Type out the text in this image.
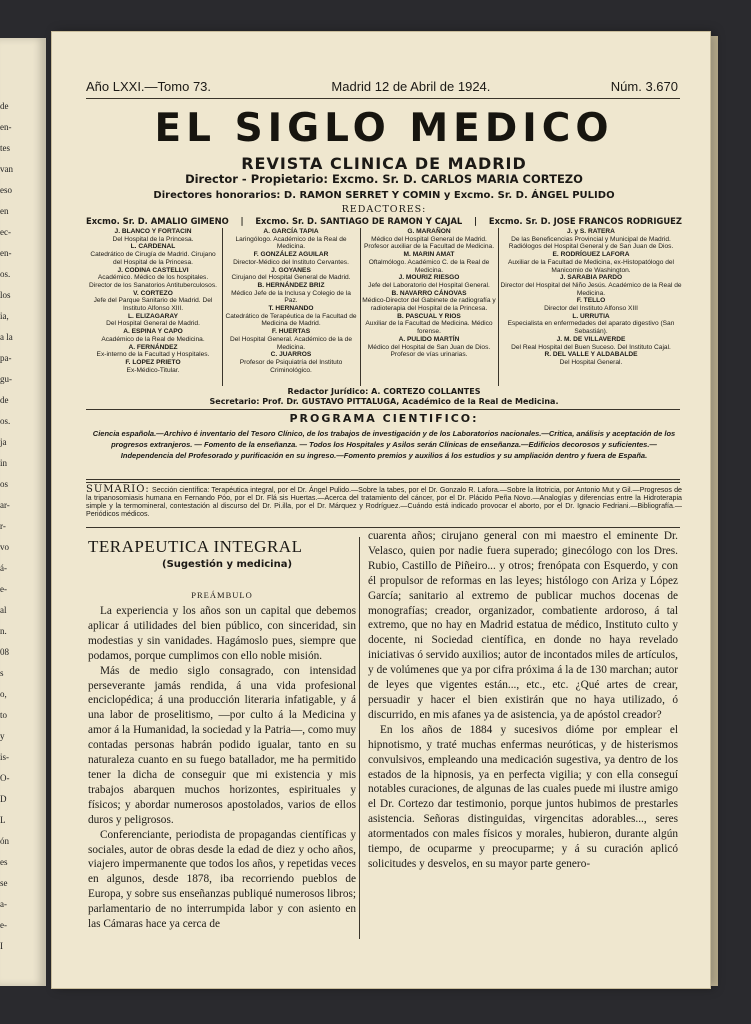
de
en-
tes
van
eso
en
ec-
en-
os.
los
ia,
a la
pa-
gu-
de
os.
ja
in
os
ar-
r-
vo
á-
e-
al
n.
08
s
o,
to
y
is-
O-
D
L
ón
es
se
a-
e-
I
Año LXXI.—Tomo 73.	Madrid 12 de Abril de 1924.	Núm. 3.670
EL SIGLO MEDICO
REVISTA CLINICA DE MADRID
Director - Propietario: Excmo. Sr. D. CARLOS MARIA CORTEZO
Directores honorarios: D. RAMON SERRET Y COMIN y Excmo. Sr. D. ÁNGEL PULIDO
REDACTORES:
Excmo. Sr. D. AMALIO GIMENO | Excmo. Sr. D. SANTIAGO DE RAMON Y CAJAL | Excmo. Sr. D. JOSE FRANCOS RODRIGUEZ
J. BLANCO Y FORTACIN
Del Hospital de la Princesa.
L. CARDENAL
Catedrático de Cirugía de Madrid. Cirujano del Hospital de la Princesa.
J. CODINA CASTELLVI
Académico. Médico de los hospitales. Director de los Sanatorios Antituberculosos.
V. CORTEZO
Jefe del Parque Sanitario de Madrid. Del Instituto Alfonso XIII.
L. ELIZAGARAY
Del Hospital General de Madrid.
A. ESPINA Y CAPO
Académico de la Real de Medicina.
A. FERNÁNDEZ
Ex-interno de la Facultad y Hospitales.
F. LOPEZ PRIETO
Ex-Médico-Titular.
A. GARCÍA TAPIA
Laringólogo. Académico de la Real de Medicina.
F. GONZÁLEZ AGUILAR
Director-Médico del Instituto Cervantes.
J. GOYANES
Cirujano del Hospital General de Madrid.
B. HERNÁNDEZ BRIZ
Médico Jefe de la Inclusa y Colegio de la Paz.
T. HERNANDO
Catedrático de Terapéutica de la Facultad de Medicina de Madrid.
F. HUERTAS
Del Hospital General. Académico de la de Medicina.
C. JUARROS
Profesor de Psiquiatría del Instituto Criminológico.
G. MARAÑON
Médico del Hospital General de Madrid. Profesor auxiliar de la Facultad de Medicina.
M. MARIN AMAT
Oftalmólogo. Académico C. de la Real de Medicina.
J. MOURIZ RIESGO
Jefe del Laboratorio del Hospital General.
B. NAVARRO CÁNOVAS
Médico-Director del Gabinete de radiografía y radioterapia del Hospital de la Princesa.
B. PASCUAL Y RIOS
Auxiliar de la Facultad de Medicina. Médico forense.
A. PULIDO MARTÍN
Médico del Hospital de San Juan de Dios. Profesor de vías urinarias.
J. y S. RATERA
De las Beneficencias Provincial y Municipal de Madrid. Radiólogos del Hospital General y de San Juan de Dios.
E. RODRÍGUEZ LAFORA
Auxiliar de la Facultad de Medicina, ex-Histopatólogo del Manicomio de Washington.
J. SARABIA PARDO
Director del Hospital del Niño Jesús. Académico de la Real de Medicina.
F. TELLO
Director del Instituto Alfonso XIII
L. URRUTIA
Especialista en enfermedades del aparato digestivo (San Sebastián).
J. M. DE VILLAVERDE
Del Real Hospital del Buen Suceso. Del Instituto Cajal.
R. DEL VALLE Y ALDABALDE
Del Hospital General.
Redactor Jurídico: A. CORTEZO COLLANTES
Secretario: Prof. Dr. GUSTAVO PITTALUGA, Académico de la Real de Medicina.
PROGRAMA CIENTIFICO:
Ciencia española.—Archivo é inventario del Tesoro Clínico, de los trabajos de investigación y de los Laboratorios nacionales.—Critica, análisis y aceptación de los progresos extranjeros. — Fomento de la enseñanza. — Todos los Hospitales y Asilos serán Clínicas de enseñanza.—Edificios decorosos y suficientes.—Independencia del Profesorado y purificación en su ingreso.—Fomento premios y auxilios á los estudios y su ampliación dentro y fuera de España.
SUMARIO: Sección científica: Terapéutica integral, por el Dr. Ángel Pulido.—Sobre la tabes, por el Dr. Gonzalo R. Lafora.—Sobre la litotricia, por Antonio Mut y Gil.—Progresos de la tripanosomiasis humana en Fernando Póo, por el Dr. Flá sis Huertas.—Acerca del tratamiento del cáncer, por el Dr. Plácido Peña Novo.—Analogías y diferencias entre la Hidroterapia simple y la termomineral, contestación al discurso del Dr. Pi.illa, por el Dr. Márquez y Rodríguez.—Cuándo está indicado provocar el aborto, por el Dr. Ignacio Fedriani.—Bibliografía.—Periódicos médicos.
TERAPEUTICA INTEGRAL
(Sugestión y medicina)
PREÁMBULO

La experiencia y los años son un capital que debemos aplicar á utilidades del bien público, con sinceridad, sin modestias y sin vanidades. Hagámoslo pues, siempre que podamos, porque cumplimos con ello noble misión.

Más de medio siglo consagrado, con intensidad perseverante jamás rendida, á una vida profesional enciclopédica; á una producción literaria infatigable, y á una labor de proselitismo, —por culto á la Medicina y amor á la Humanidad, la sociedad y la Patria—, como muy contadas personas habrán podido igualar, tanto en su naturaleza cuanto en su fuego batallador, me ha permitido tener la dicha de conseguir que mi existencia y mis trabajos abarquen muchos horizontes, espirituales y físicos; y abordar numerosos apostolados, varios de ellos duros y peligrosos.

Conferenciante, periodista de propagandas científicas y sociales, autor de obras desde la edad de diez y ocho años, viajero impermanente que todos los años, y repetidas veces en algunos, desde 1878, iba recorriendo pueblos de Europa, y sobre sus enseñanzas publiqué numerosos libros; parlamentario de no interrumpida labor y con asiento en las Cámaras hace ya cerca de

cuarenta años; cirujano general con mi maestro el eminente Dr. Velasco, quien por nadie fuera superado; ginecólogo con los Dres. Rubio, Castillo de Piñeiro... y otros; frenópata con Esquerdo, y con él propulsor de reformas en las leyes; histólogo con Ariza y López García; sanitario al extremo de publicar muchos docenas de monografías; creador, organizador, combatiente ardoroso, á tal extremo, que no hay en Madrid estatua de médico, Instituto culto y docente, ni Sociedad científica, en donde no haya revelado iniciativas ó servido auxilios; autor de incontados miles de artículos, y de volúmenes que ya por cifra próxima á la de 130 marchan; autor de leyes que vigentes están..., etc., etc. ¿Qué artes de crear, persuadir y hacer el bien existirán que no haya utilizado, ó discurrido, en mis afanes ya de asistencia, ya de apóstol creador?

En los años de 1884 y sucesivos dióme por emplear el hipnotismo, y traté muchas enfermas neuróticas, y de histerismos convulsivos, empleando una medicación sugestiva, ya dentro de los estados de la hipnosis, ya en perfecta vigilia; y con ella conseguí notables curaciones, de algunas de las cuales puede mi ilustre amigo el Dr. Cortezo dar testimonio, porque juntos hubimos de prestarles asistencia. Señoras distinguidas, virgencitas adorables..., seres atormentados con males físicos y morales, hubieron, durante algún tiempo, de ocuparme y preocuparme; y á su curación aplicó solicitudes y desvelos, en su mayor parte genero-
